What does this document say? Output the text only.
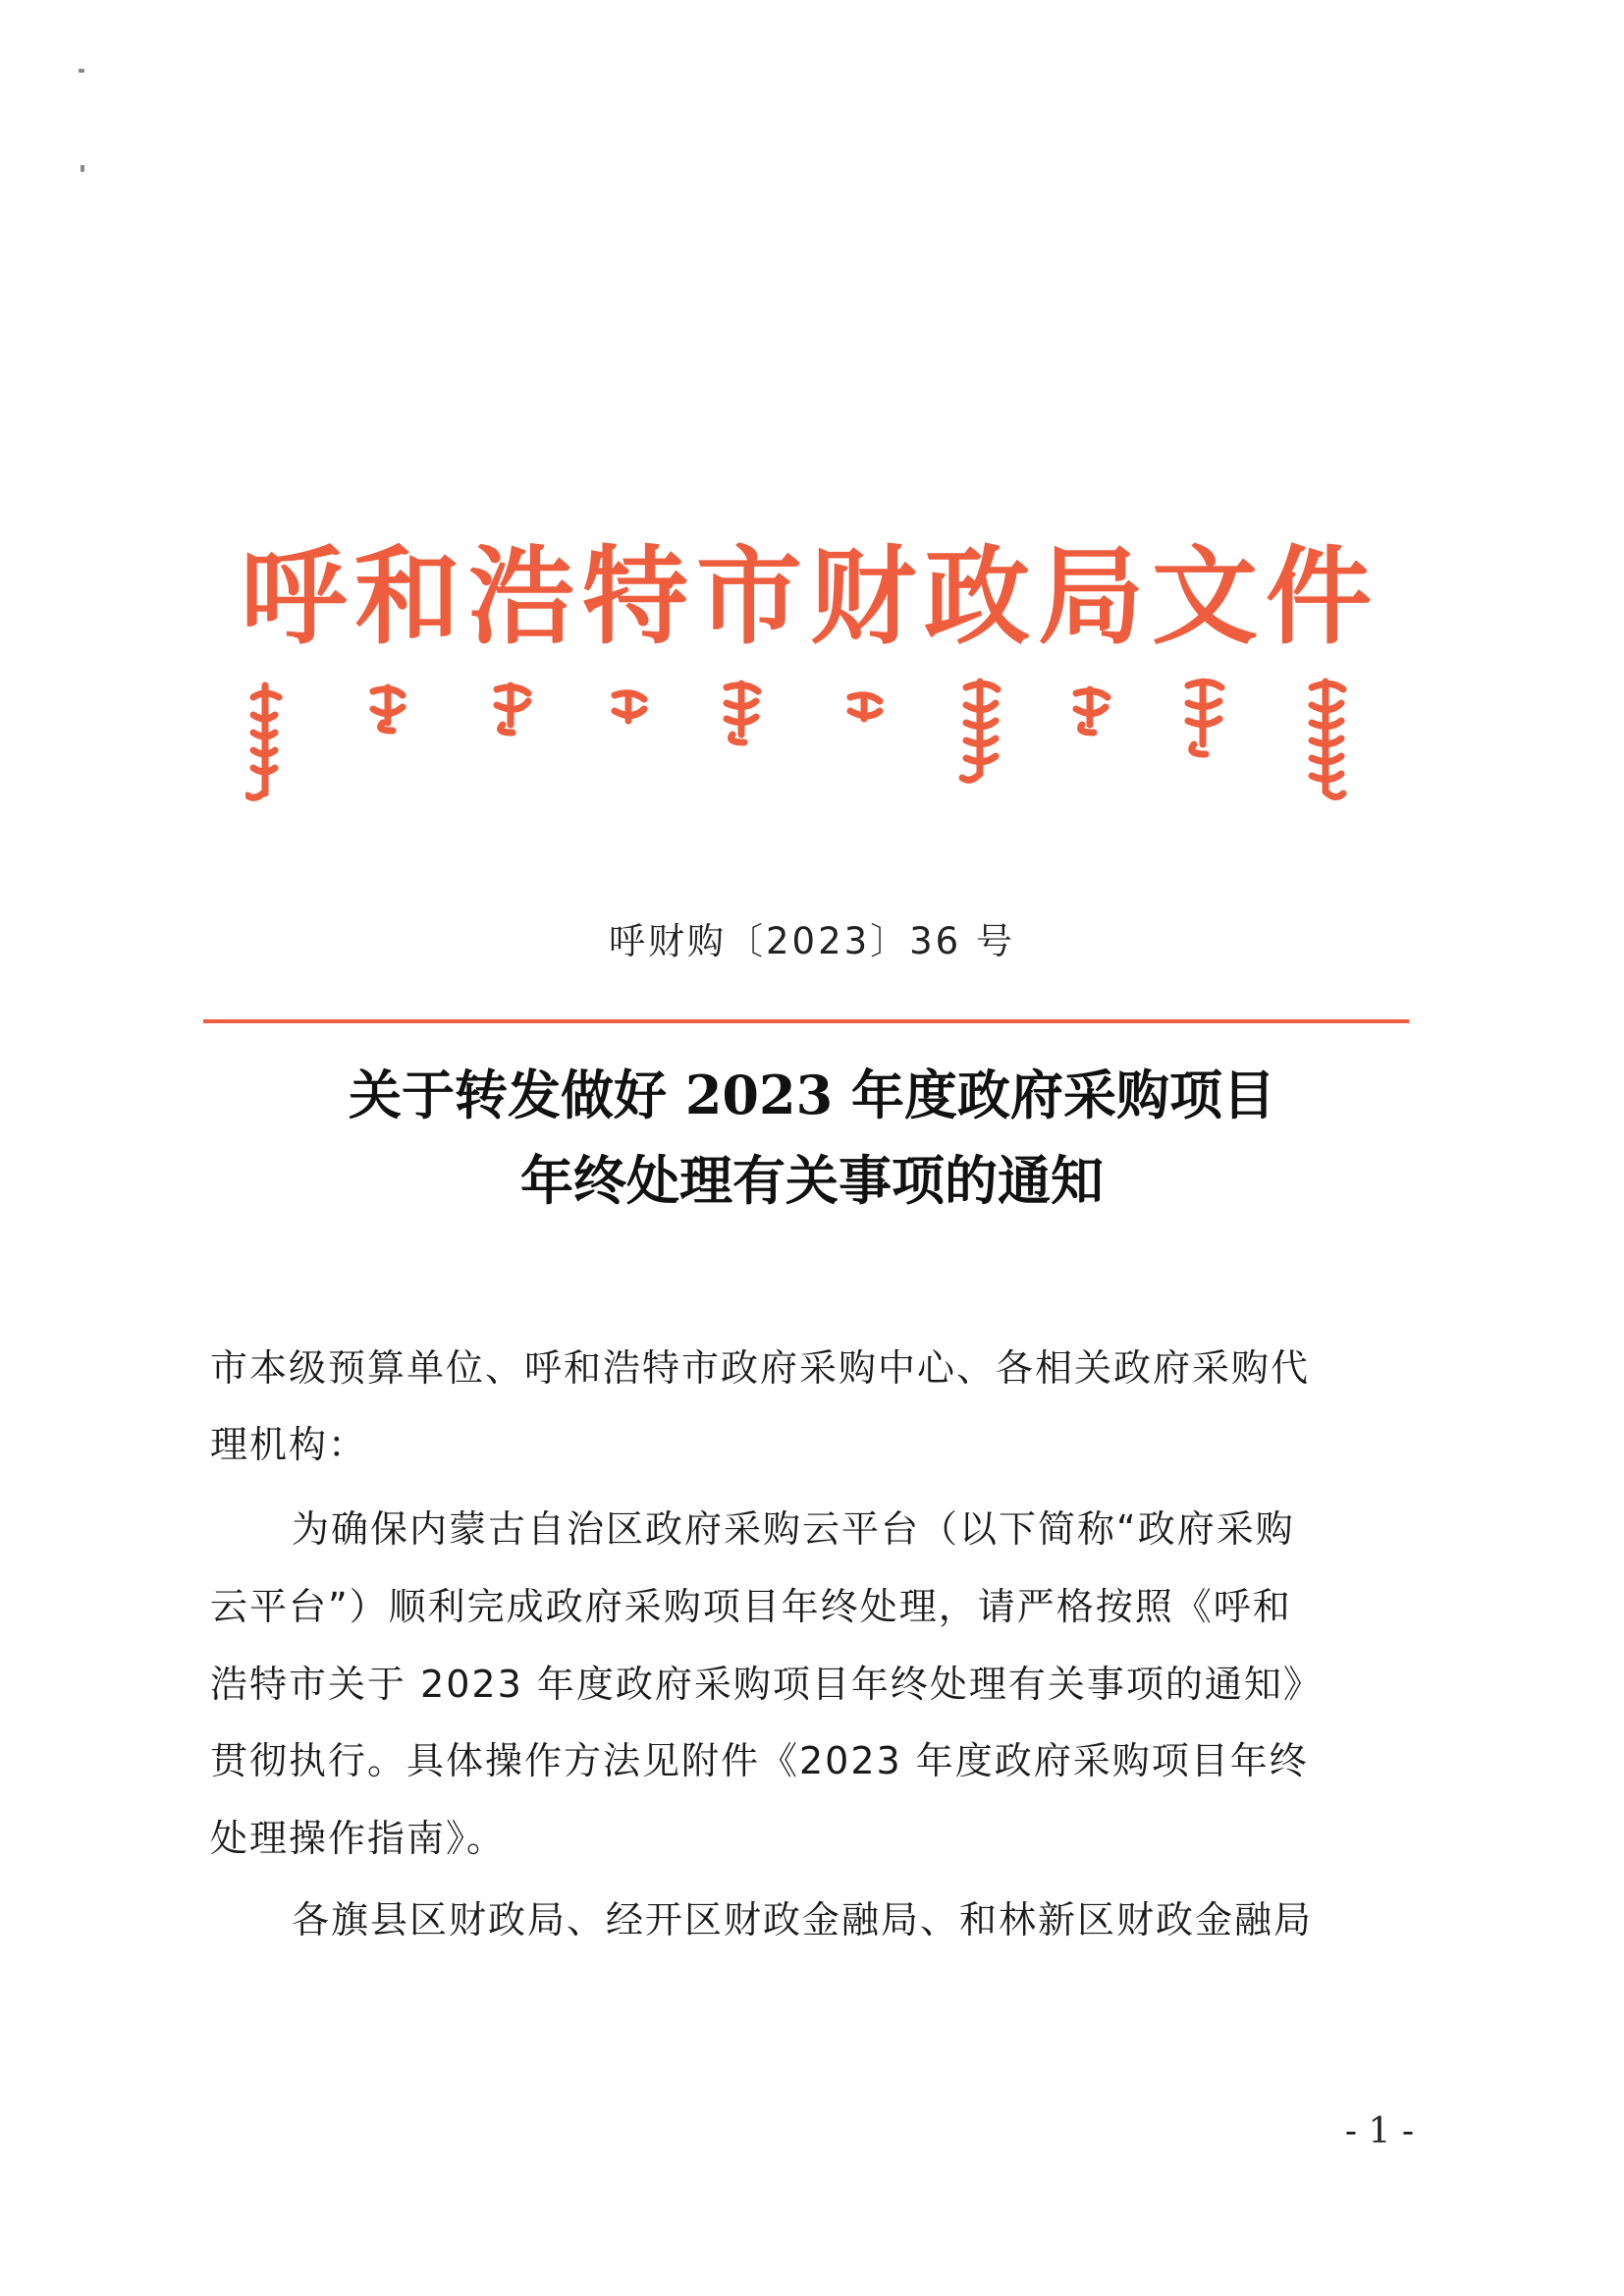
呼和浩特市财政局文件
呼财购〔2023〕36 号
关于转发做好 2023 年度政府采购项目
年终处理有关事项的通知
市本级预算单位、呼和浩特市政府采购中心、各相关政府采购代
理机构：
为确保内蒙古自治区政府采购云平台（以下简称“政府采购
云平台”）顺利完成政府采购项目年终处理，请严格按照《呼和
浩特市关于 2023 年度政府采购项目年终处理有关事项的通知》
贯彻执行。具体操作方法见附件《2023 年度政府采购项目年终
处理操作指南》。
各旗县区财政局、经开区财政金融局、和林新区财政金融局
- 1 -
